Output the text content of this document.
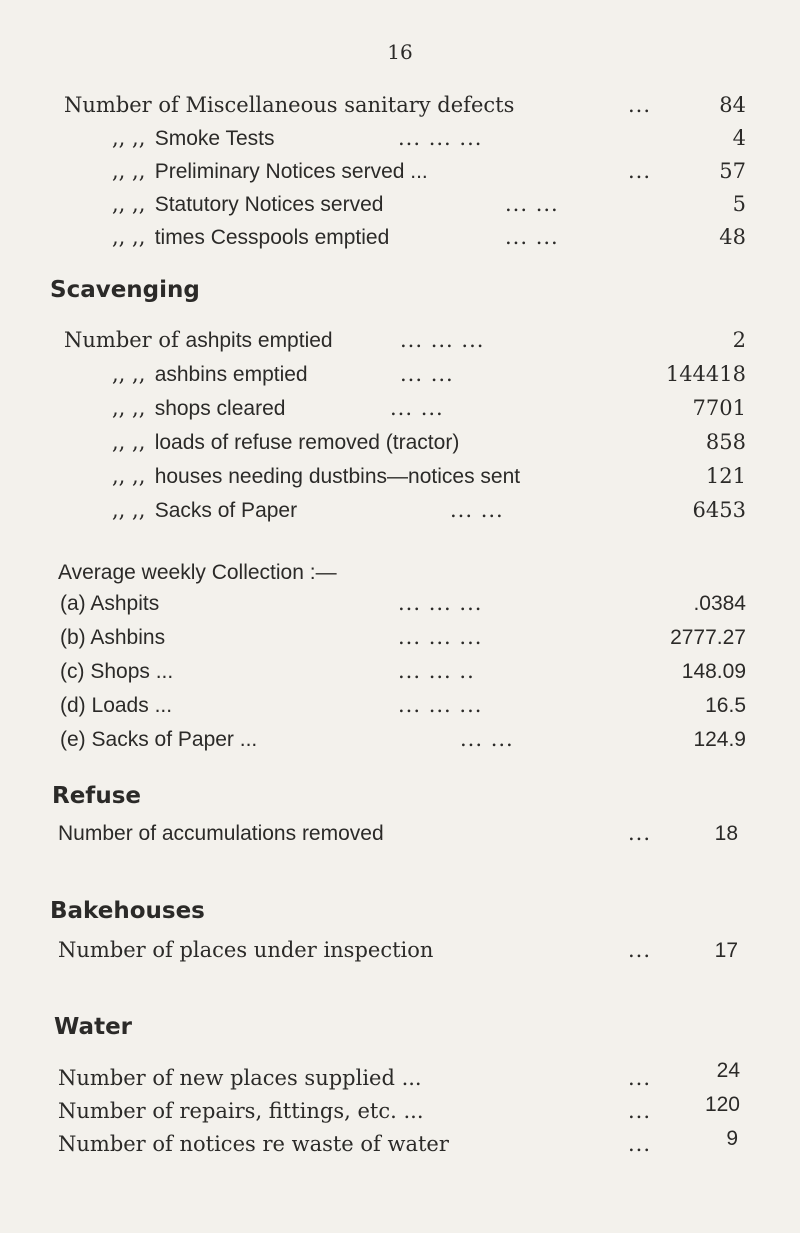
16
Number of Miscellaneous sanitary defects	...	84
,, ,, Smoke Tests	... ... ...	4
,, ,, Preliminary Notices served ...	...	57
,, ,, Statutory Notices served	... ...	5
,, ,, times Cesspools emptied	... ...	48
Scavenging
Number of ashpits emptied	... ... ...	2
,, ,, ashbins emptied	... ...	144418
,, ,, shops cleared	... ...	7701
,, ,, loads of refuse removed (tractor)	858
,, ,, houses needing dustbins—notices sent	121
,, ,, Sacks of Paper	... ...	6453
Average weekly Collection :—
(a) Ashpits	... ... ...	.0384
(b) Ashbins	... ... ...	2777.27
(c) Shops ...	... ... ..	148.09
(d) Loads ...	... ... ...	16.5
(e) Sacks of Paper ...	... ...	124.9
Refuse
Number of accumulations removed	...	18
Bakehouses
Number of places under inspection	...	17
Water
Number of new places supplied ...	...	24
Number of repairs, fittings, etc. ...	...	120
Number of notices re waste of water	...	9
